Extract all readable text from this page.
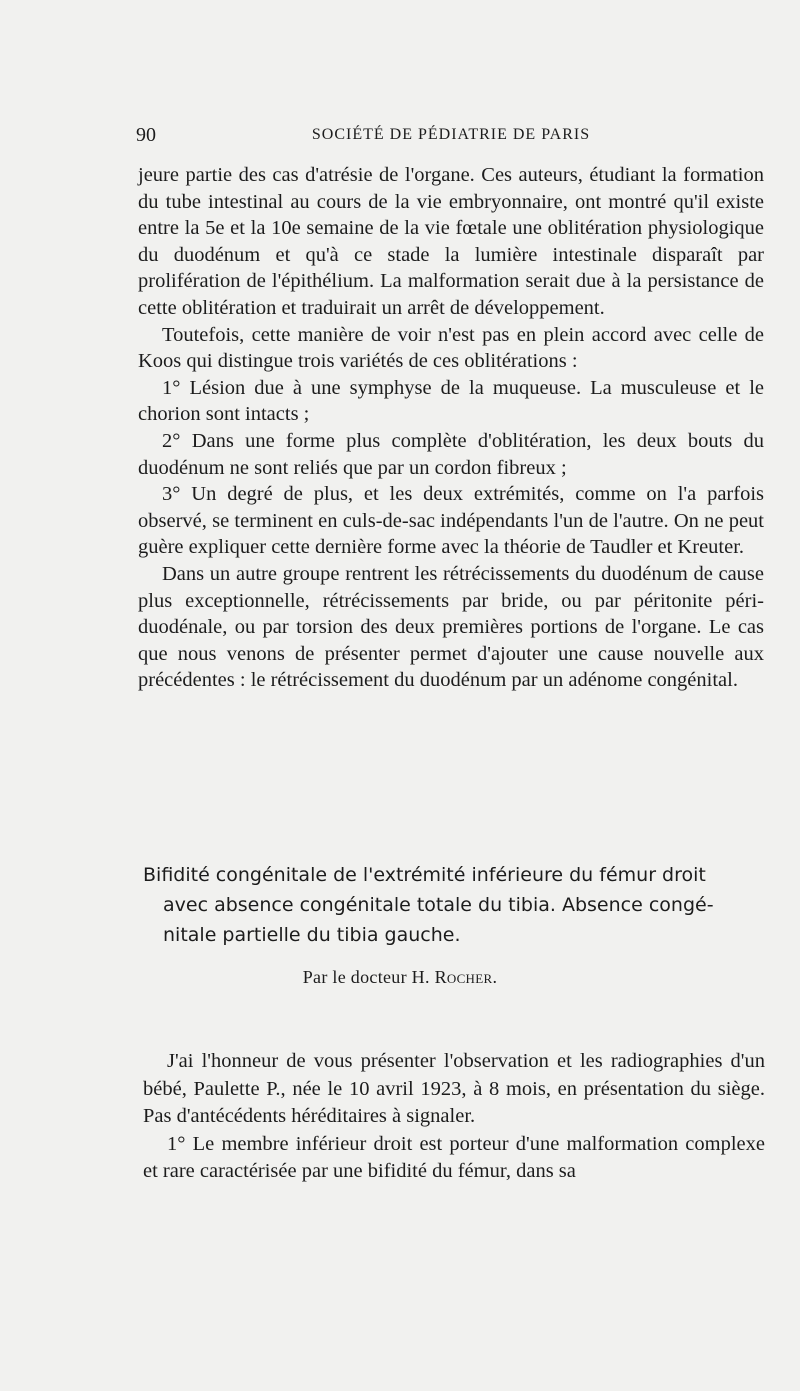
90	SOCIÉTÉ DE PÉDIATRIE DE PARIS

jeure partie des cas d'atrésie de l'organe. Ces auteurs, étudiant la formation du tube intestinal au cours de la vie embryonnaire, ont montré qu'il existe entre la 5e et la 10e semaine de la vie fœtale une oblitération physiologique du duodénum et qu'à ce stade la lumière intestinale disparaît par prolifération de l'épithélium. La malformation serait due à la persistance de cette oblitération et traduirait un arrêt de développement.

Toutefois, cette manière de voir n'est pas en plein accord avec celle de Koos qui distingue trois variétés de ces oblitérations :

1° Lésion due à une symphyse de la muqueuse. La musculeuse et le chorion sont intacts ;

2° Dans une forme plus complète d'oblitération, les deux bouts du duodénum ne sont reliés que par un cordon fibreux ;

3° Un degré de plus, et les deux extrémités, comme on l'a parfois observé, se terminent en culs-de-sac indépendants l'un de l'autre. On ne peut guère expliquer cette dernière forme avec la théorie de Taudler et Kreuter.

Dans un autre groupe rentrent les rétrécissements du duodénum de cause plus exceptionnelle, rétrécissements par bride, ou par péritonite péri-duodénale, ou par torsion des deux premières portions de l'organe. Le cas que nous venons de présenter permet d'ajouter une cause nouvelle aux précédentes : le rétrécissement du duodénum par un adénome congénital.

Bifidité congénitale de l'extrémité inférieure du fémur droit
avec absence congénitale totale du tibia. Absence congé-
nitale partielle du tibia gauche.
Par le docteur H. Rocher.

J'ai l'honneur de vous présenter l'observation et les radiographies d'un bébé, Paulette P., née le 10 avril 1923, à 8 mois, en présentation du siège. Pas d'antécédents héréditaires à signaler.

1° Le membre inférieur droit est porteur d'une malformation complexe et rare caractérisée par une bifidité du fémur, dans sa
